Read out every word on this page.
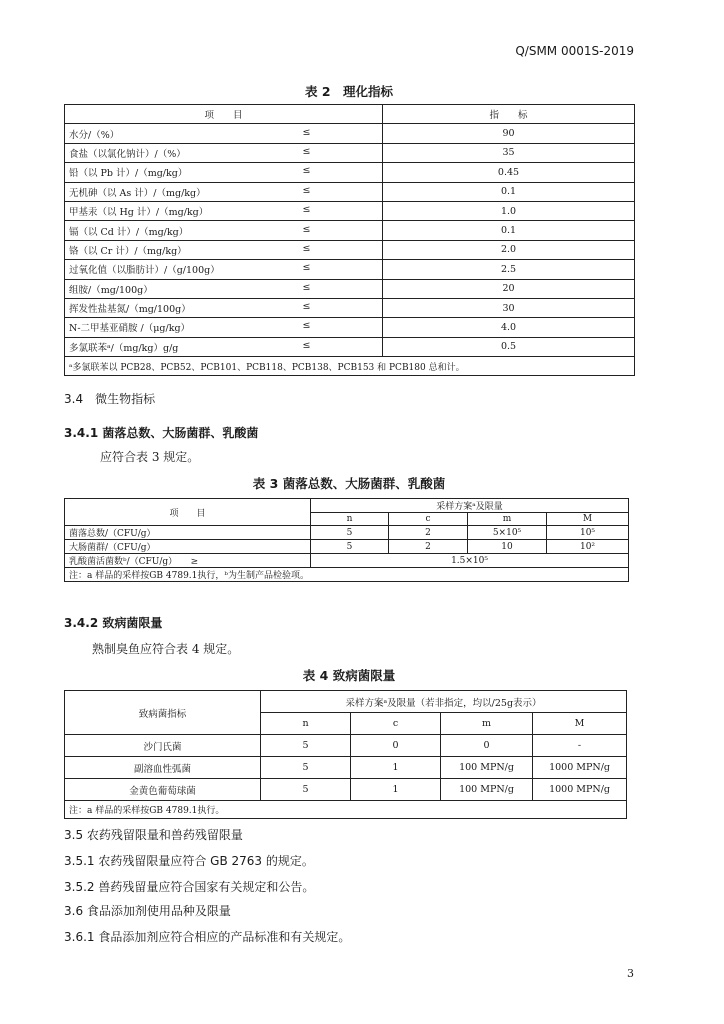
Q/SMM 0001S-2019
表 2　理化指标
项　　目	指　　标
水分/（%） ≤	90
食盐（以氯化钠计）/（%） ≤	35
铅（以 Pb 计）/（mg/kg） ≤	0.45
无机砷（以 As 计）/（mg/kg） ≤	0.1
甲基汞（以 Hg 计）/（mg/kg） ≤	1.0
镉（以 Cd 计）/（mg/kg） ≤	0.1
铬（以 Cr 计）/（mg/kg） ≤	2.0
过氧化值（以脂肪计）/（g/100g） ≤	2.5
组胺/（mg/100g） ≤	20
挥发性盐基氮/（mg/100g） ≤	30
N-二甲基亚硝胺 /（μg/kg） ≤	4.0
多氯联苯ᵃ/（mg/kg）g/g ≤	0.5
ᵃ多氯联苯以 PCB28、PCB52、PCB101、PCB118、PCB138、PCB153 和 PCB180 总和计。	
3.4　微生物指标
3.4.1 菌落总数、大肠菌群、乳酸菌
应符合表 3 规定。
表 3 菌落总数、大肠菌群、乳酸菌
项　　目	采样方案ᵃ及限量			
	n	c	m	M
菌落总数/（CFU/g）	5	2	5×10⁵	10⁵
大肠菌群/（CFU/g）	5	2	10	10²
乳酸菌活菌数ᵇ/（CFU/g）　　≥	1.5×10⁵			
注：a 样品的采样按GB 4789.1执行，ᵇ为生制产品检验项。				
3.4.2 致病菌限量
熟制臭鱼应符合表 4 规定。
表 4 致病菌限量
致病菌指标	采样方案ᵃ及限量（若非指定，均以/25g表示）			
	n	c	m	M
沙门氏菌	5	0	0	-
副溶血性弧菌	5	1	100 MPN/g	1000 MPN/g
金黄色葡萄球菌	5	1	100 MPN/g	1000 MPN/g
注：a 样品的采样按GB 4789.1执行。				
3.5 农药残留限量和兽药残留限量
3.5.1 农药残留限量应符合 GB 2763 的规定。
3.5.2 兽药残留量应符合国家有关规定和公告。
3.6 食品添加剂使用品种及限量
3.6.1 食品添加剂应符合相应的产品标准和有关规定。
3
